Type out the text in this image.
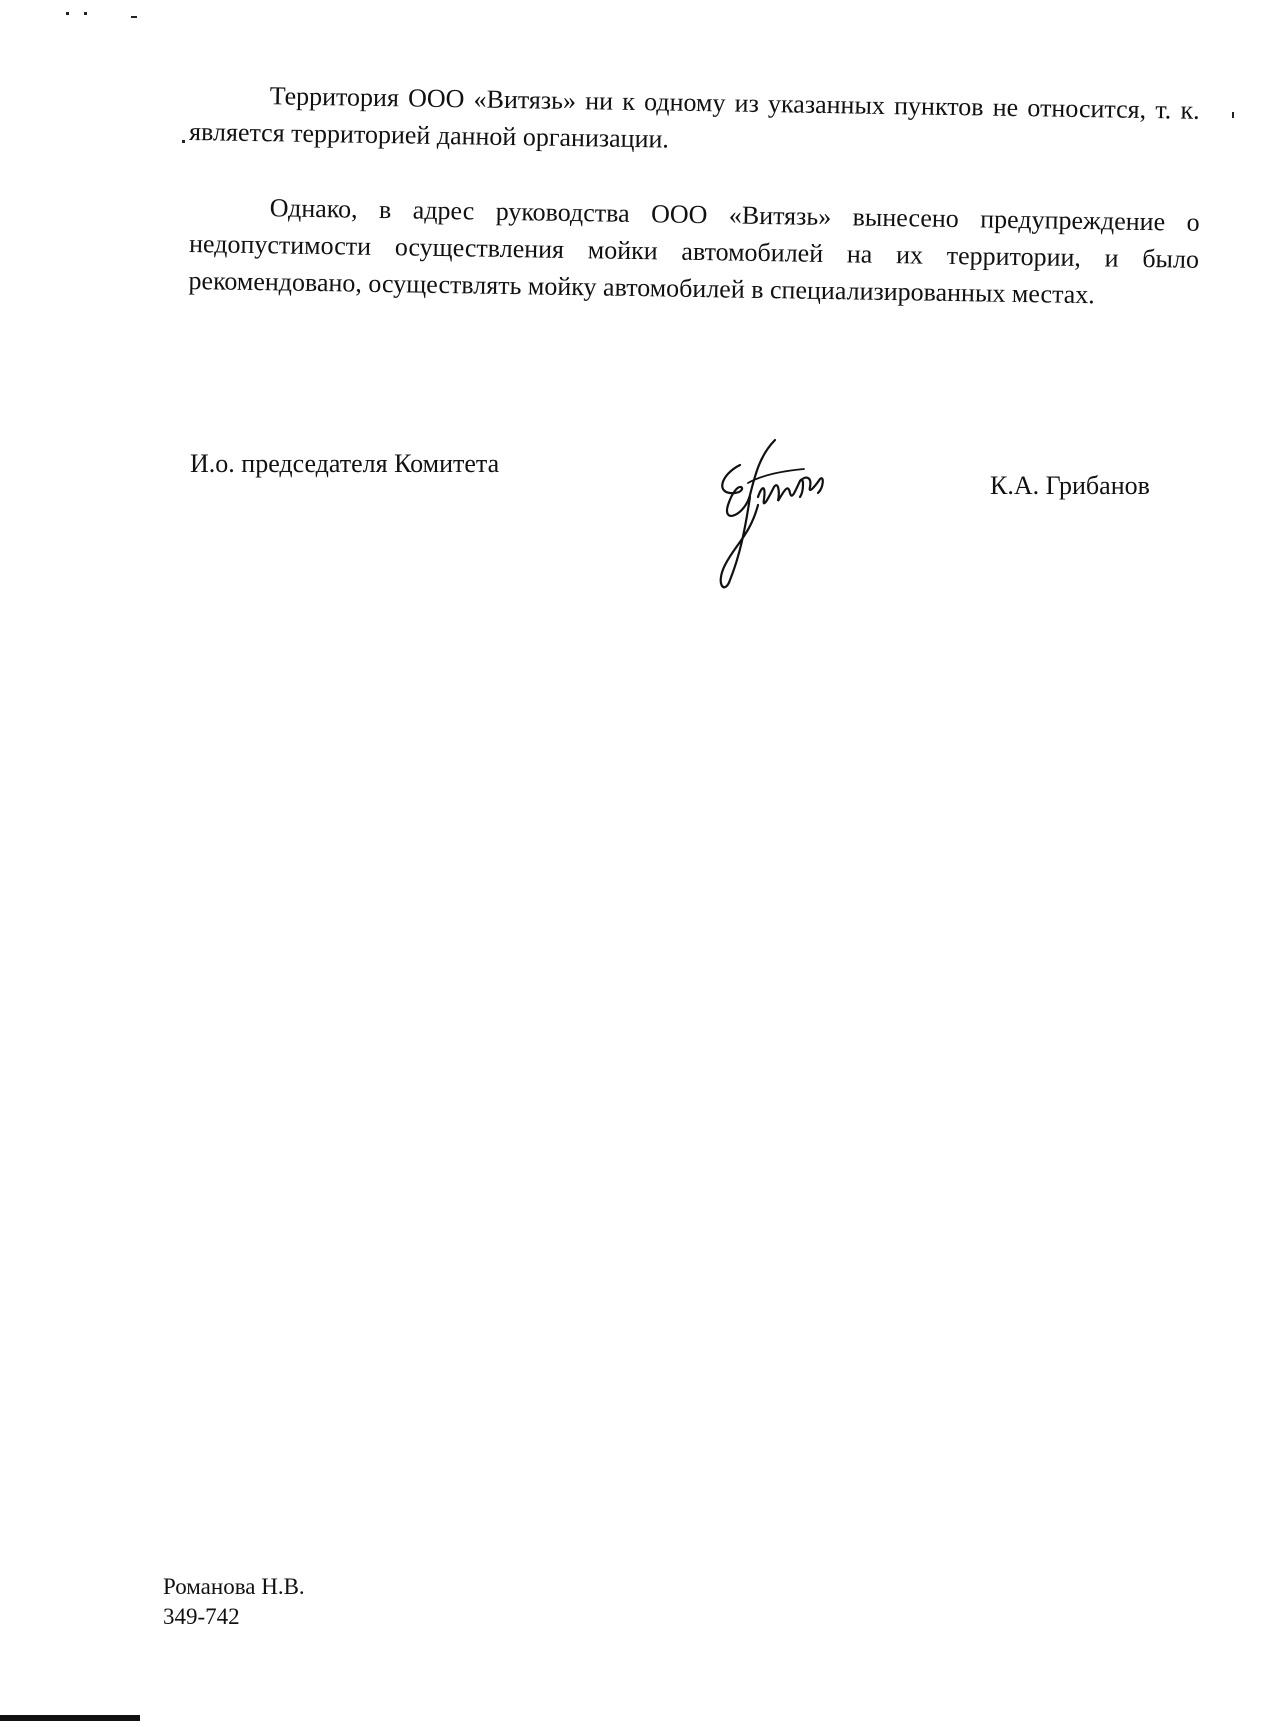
Территория ООО «Витязь» ни к одному из указанных пунктов не относится, т. к. является территорией данной организации.

Однако, в адрес руководства ООО «Витязь» вынесено предупреждение о недопустимости осуществления мойки автомобилей на их территории, и было рекомендовано, осуществлять мойку автомобилей в специализированных местах.

И.о. председателя Комитета
К.А. Грибанов
Романова Н.В.
349-742
